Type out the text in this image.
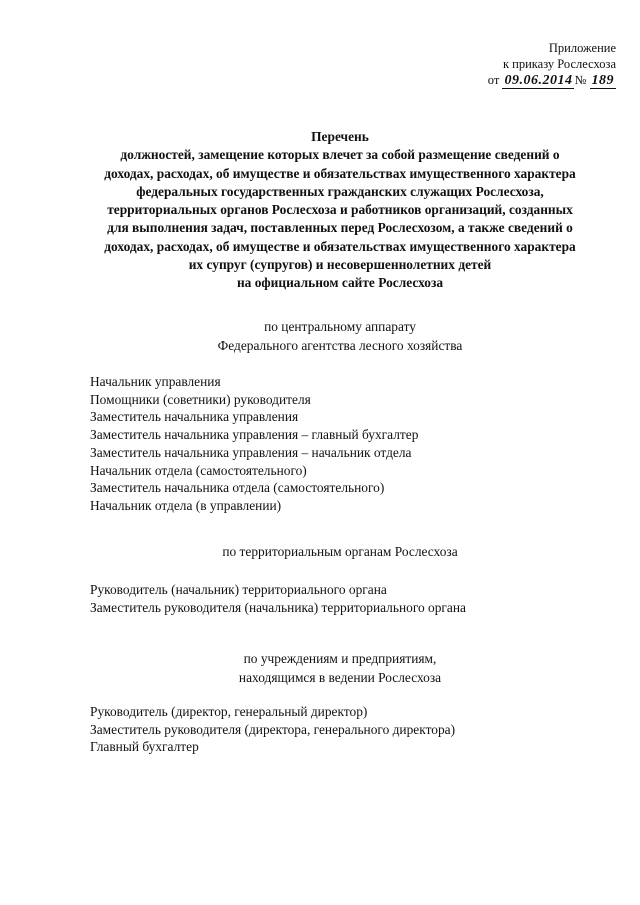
Приложение
к приказу Рослесхоза
от 09.06.2014 № 189
Перечень
должностей, замещение которых влечет за собой размещение сведений о
доходах, расходах, об имуществе и обязательствах имущественного характера
федеральных государственных гражданских служащих Рослесхоза,
территориальных органов Рослесхоза и работников организаций, созданных
для выполнения задач, поставленных перед Рослесхозом, а также сведений о
доходах, расходах, об имуществе и обязательствах имущественного характера
их супруг (супругов) и несовершеннолетних детей
на официальном сайте Рослесхоза
по центральному аппарату
Федерального агентства лесного хозяйства
Начальник управления
Помощники (советники) руководителя
Заместитель начальника управления
Заместитель начальника управления – главный бухгалтер
Заместитель начальника управления – начальник отдела
Начальник отдела (самостоятельного)
Заместитель начальника отдела (самостоятельного)
Начальник отдела (в управлении)
по территориальным органам Рослесхоза
Руководитель (начальник) территориального органа
Заместитель руководителя (начальника) территориального органа
по учреждениям и предприятиям,
находящимся в ведении Рослесхоза
Руководитель (директор, генеральный директор)
Заместитель руководителя (директора, генерального директора)
Главный бухгалтер
